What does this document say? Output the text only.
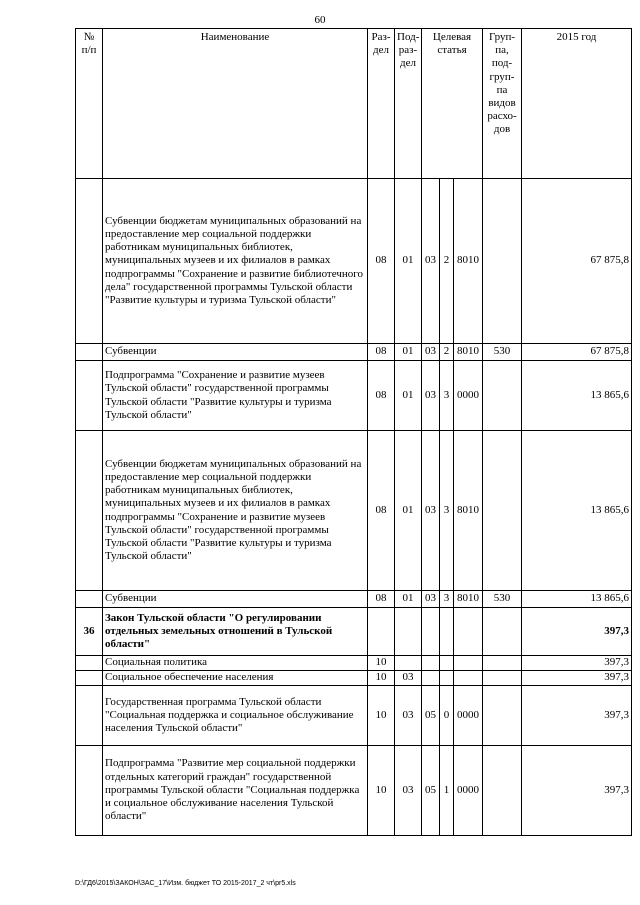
60
№ п/п	Наименование	Раз-дел	Под-раз-дел	Целевая статья			Груп-па, под-груп-па видов расхо-дов	2015 год
	Субвенции бюджетам муниципальных образований на предоставление мер социальной поддержки работникам муниципальных библиотек, муниципальных музеев и их филиалов в рамках подпрограммы "Сохранение и развитие библиотечного дела" государственной программы Тульской области "Развитие культуры и туризма Тульской области"	08	01	03	2	8010		67 875,8
	Субвенции	08	01	03	2	8010	530	67 875,8
	Подпрограмма "Сохранение и развитие музеев Тульской области" государственной программы Тульской области "Развитие культуры и туризма Тульской области"	08	01	03	3	0000		13 865,6
	Субвенции бюджетам муниципальных образований на предоставление мер социальной поддержки работникам муниципальных библиотек, муниципальных музеев и их филиалов в рамках подпрограммы "Сохранение и развитие музеев Тульской области" государственной программы Тульской области "Развитие культуры и туризма Тульской области"	08	01	03	3	8010		13 865,6
	Субвенции	08	01	03	3	8010	530	13 865,6
36	Закон Тульской области "О регулировании отдельных земельных отношений в Тульской области"							397,3
	Социальная политика	10						397,3
	Социальное обеспечение населения	10	03					397,3
	Государственная программа Тульской области "Социальная поддержка и социальное обслуживание населения Тульской области"	10	03	05	0	0000		397,3
	Подпрограмма "Развитие мер социальной поддержки отдельных категорий граждан" государственной программы Тульской области "Социальная поддержка и социальное обслуживание населения Тульской области"	10	03	05	1	0000		397,3
D:\ГД6\2015\ЗАКОН\ЗАС_17\Изм. бюджет ТО 2015-2017_2 чт\pr5.xls
